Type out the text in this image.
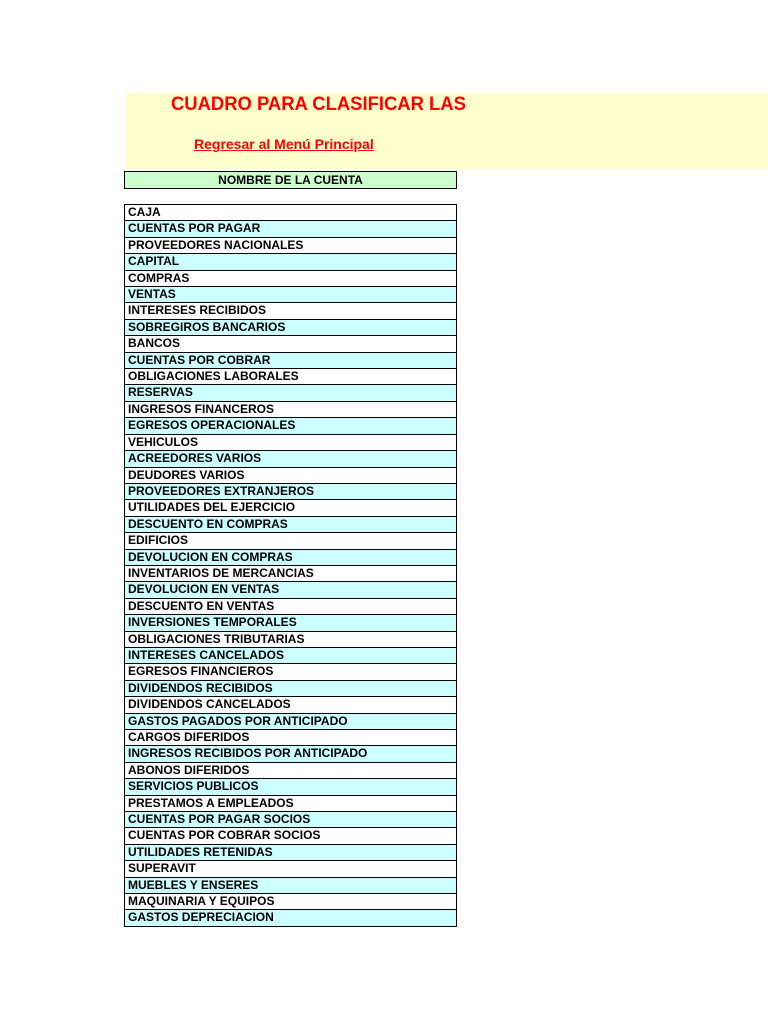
CUADRO PARA CLASIFICAR LAS
Regresar al Menú Principal
NOMBRE DE LA CUENTA
CAJA
CUENTAS POR PAGAR
PROVEEDORES NACIONALES
CAPITAL
COMPRAS
VENTAS
INTERESES RECIBIDOS
SOBREGIROS BANCARIOS
BANCOS
CUENTAS POR COBRAR
OBLIGACIONES LABORALES
RESERVAS
INGRESOS FINANCEROS
EGRESOS OPERACIONALES
VEHICULOS
ACREEDORES VARIOS
DEUDORES VARIOS
PROVEEDORES EXTRANJEROS
UTILIDADES DEL EJERCICIO
DESCUENTO EN COMPRAS
EDIFICIOS
DEVOLUCION EN COMPRAS
INVENTARIOS DE MERCANCIAS
DEVOLUCION EN VENTAS
DESCUENTO EN VENTAS
INVERSIONES TEMPORALES
OBLIGACIONES TRIBUTARIAS
INTERESES CANCELADOS
EGRESOS FINANCIEROS
DIVIDENDOS RECIBIDOS
DIVIDENDOS CANCELADOS
GASTOS PAGADOS POR ANTICIPADO
CARGOS DIFERIDOS
INGRESOS RECIBIDOS POR ANTICIPADO
ABONOS DIFERIDOS
SERVICIOS PUBLICOS
PRESTAMOS A EMPLEADOS
CUENTAS POR PAGAR SOCIOS
CUENTAS POR COBRAR SOCIOS
UTILIDADES RETENIDAS
SUPERAVIT
MUEBLES Y ENSERES
MAQUINARIA Y EQUIPOS
GASTOS DEPRECIACION
